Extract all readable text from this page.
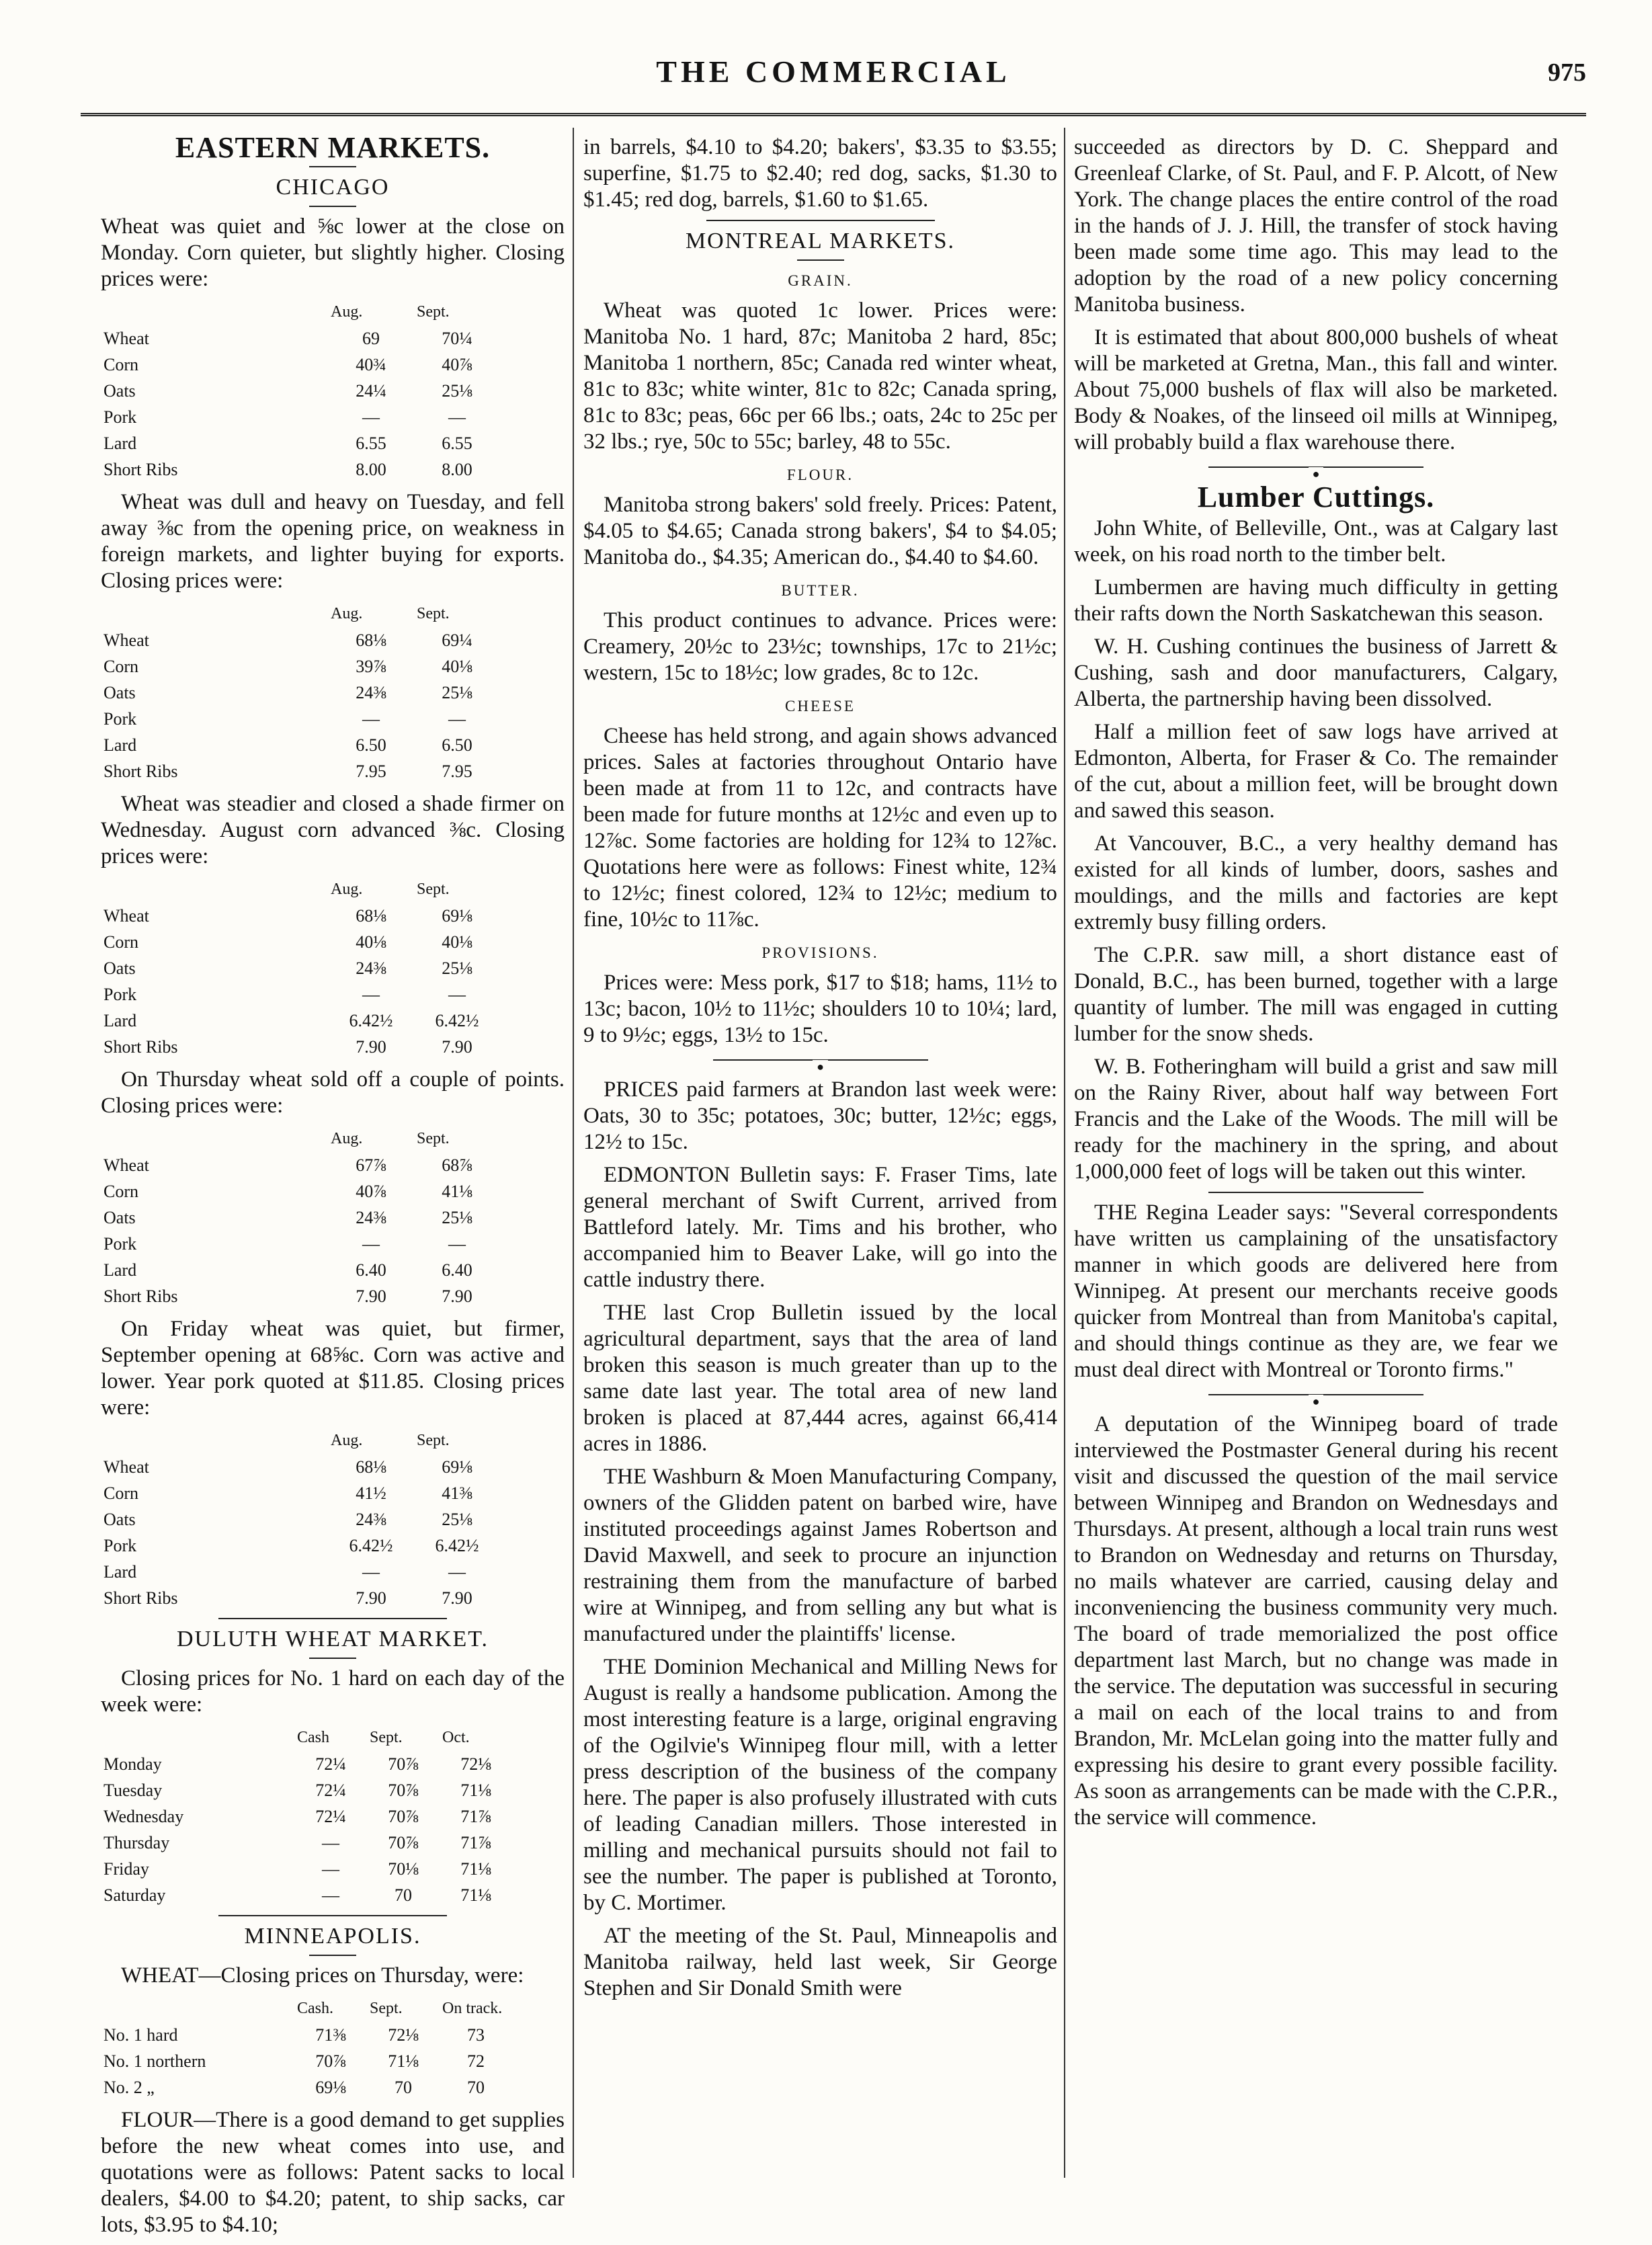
THE COMMERCIAL	975
EASTERN MARKETS.
CHICAGO

Wheat was quiet and ⅝c lower at the close on Monday. Corn quieter, but slightly higher. Closing prices were:

	Aug.	Sept.
Wheat	69	70¼
Corn	40¾	40⅞
Oats	24¼	25⅛
Pork	—	—
Lard	6.55	6.55
Short Ribs	8.00	8.00

Wheat was dull and heavy on Tuesday, and fell away ⅜c from the opening price, on weakness in foreign markets, and lighter buying for exports. Closing prices were:

	Aug.	Sept.
Wheat	68⅛	69¼
Corn	39⅞	40⅛
Oats	24⅜	25⅛
Pork	—	—
Lard	6.50	6.50
Short Ribs	7.95	7.95

Wheat was steadier and closed a shade firmer on Wednesday. August corn advanced ⅜c. Closing prices were:

	Aug.	Sept.
Wheat	68⅛	69⅛
Corn	40⅛	40⅛
Oats	24⅜	25⅛
Pork	—	—
Lard	6.42½	6.42½
Short Ribs	7.90	7.90

On Thursday wheat sold off a couple of points. Closing prices were:

	Aug.	Sept.
Wheat	67⅞	68⅞
Corn	40⅞	41⅛
Oats	24⅜	25⅛
Pork	—	—
Lard	6.40	6.40
Short Ribs	7.90	7.90

On Friday wheat was quiet, but firmer, September opening at 68⅝c. Corn was active and lower. Year pork quoted at $11.85. Closing prices were:

	Aug.	Sept.
Wheat	68⅛	69⅛
Corn	41½	41⅜
Oats	24⅜	25⅛
Pork	6.42½	6.42½
Lard	—	—
Short Ribs	7.90	7.90
DULUTH WHEAT MARKET.

Closing prices for No. 1 hard on each day of the week were:

	Cash	Sept.	Oct.
Monday	72¼	70⅞	72⅛
Tuesday	72¼	70⅞	71⅛
Wednesday	72¼	70⅞	71⅞
Thursday	—	70⅞	71⅞
Friday	—	70⅛	71⅛
Saturday	—	70	71⅛
MINNEAPOLIS.

WHEAT—Closing prices on Thursday, were:

	Cash.	Sept.	On track.
No. 1 hard	71⅜	72⅛	73
No. 1 northern	70⅞	71⅛	72
No. 2 „	69⅛	70	70

FLOUR—There is a good demand to get supplies before the new wheat comes into use, and quotations were as follows: Patent sacks to local dealers, $4.00 to $4.20; patent, to ship sacks, car lots, $3.95 to $4.10;

in barrels, $4.10 to $4.20; bakers', $3.35 to $3.55; superfine, $1.75 to $2.40; red dog, sacks, $1.30 to $1.45; red dog, barrels, $1.60 to $1.65.

MONTREAL MARKETS.
GRAIN.

Wheat was quoted 1c lower. Prices were: Manitoba No. 1 hard, 87c; Manitoba 2 hard, 85c; Manitoba 1 northern, 85c; Canada red winter wheat, 81c to 83c; white winter, 81c to 82c; Canada spring, 81c to 83c; peas, 66c per 66 lbs.; oats, 24c to 25c per 32 lbs.; rye, 50c to 55c; barley, 48 to 55c.

FLOUR.

Manitoba strong bakers' sold freely. Prices: Patent, $4.05 to $4.65; Canada strong bakers', $4 to $4.05; Manitoba do., $4.35; American do., $4.40 to $4.60.

BUTTER.

This product continues to advance. Prices were: Creamery, 20½c to 23½c; townships, 17c to 21½c; western, 15c to 18½c; low grades, 8c to 12c.

CHEESE

Cheese has held strong, and again shows advanced prices. Sales at factories throughout Ontario have been made at from 11 to 12c, and contracts have been made for future months at 12½c and even up to 12⅞c. Some factories are holding for 12¾ to 12⅞c. Quotations here were as follows: Finest white, 12¾ to 12½c; finest colored, 12¾ to 12½c; medium to fine, 10½c to 11⅞c.

PROVISIONS.

Prices were: Mess pork, $17 to $18; hams, 11½ to 13c; bacon, 10½ to 11½c; shoulders 10 to 10¼; lard, 9 to 9½c; eggs, 13½ to 15c.

●

PRICES paid farmers at Brandon last week were: Oats, 30 to 35c; potatoes, 30c; butter, 12½c; eggs, 12½ to 15c.

EDMONTON Bulletin says: F. Fraser Tims, late general merchant of Swift Current, arrived from Battleford lately. Mr. Tims and his brother, who accompanied him to Beaver Lake, will go into the cattle industry there.

THE last Crop Bulletin issued by the local agricultural department, says that the area of land broken this season is much greater than up to the same date last year. The total area of new land broken is placed at 87,444 acres, against 66,414 acres in 1886.

THE Washburn & Moen Manufacturing Company, owners of the Glidden patent on barbed wire, have instituted proceedings against James Robertson and David Maxwell, and seek to procure an injunction restraining them from the manufacture of barbed wire at Winnipeg, and from selling any but what is manufactured under the plaintiffs' license.

THE Dominion Mechanical and Milling News for August is really a handsome publication. Among the most interesting feature is a large, original engraving of the Ogilvie's Winnipeg flour mill, with a letter press description of the business of the company here. The paper is also profusely illustrated with cuts of leading Canadian millers. Those interested in milling and mechanical pursuits should not fail to see the number. The paper is published at Toronto, by C. Mortimer.

AT the meeting of the St. Paul, Minneapolis and Manitoba railway, held last week, Sir George Stephen and Sir Donald Smith were

succeeded as directors by D. C. Sheppard and Greenleaf Clarke, of St. Paul, and F. P. Alcott, of New York. The change places the entire control of the road in the hands of J. J. Hill, the transfer of stock having been made some time ago. This may lead to the adoption by the road of a new policy concerning Manitoba business.

It is estimated that about 800,000 bushels of wheat will be marketed at Gretna, Man., this fall and winter. About 75,000 bushels of flax will also be marketed. Body & Noakes, of the linseed oil mills at Winnipeg, will probably build a flax warehouse there.

●
Lumber Cuttings.

John White, of Belleville, Ont., was at Calgary last week, on his road north to the timber belt.

Lumbermen are having much difficulty in getting their rafts down the North Saskatchewan this season.

W. H. Cushing continues the business of Jarrett & Cushing, sash and door manufacturers, Calgary, Alberta, the partnership having been dissolved.

Half a million feet of saw logs have arrived at Edmonton, Alberta, for Fraser & Co. The remainder of the cut, about a million feet, will be brought down and sawed this season.

At Vancouver, B.C., a very healthy demand has existed for all kinds of lumber, doors, sashes and mouldings, and the mills and factories are kept extremly busy filling orders.

The C.P.R. saw mill, a short distance east of Donald, B.C., has been burned, together with a large quantity of lumber. The mill was engaged in cutting lumber for the snow sheds.

W. B. Fotheringham will build a grist and saw mill on the Rainy River, about half way between Fort Francis and the Lake of the Woods. The mill will be ready for the machinery in the spring, and about 1,000,000 feet of logs will be taken out this winter.

THE Regina Leader says: "Several correspondents have written us camplaining of the unsatisfactory manner in which goods are delivered here from Winnipeg. At present our merchants receive goods quicker from Montreal than from Manitoba's capital, and should things continue as they are, we fear we must deal direct with Montreal or Toronto firms."

●

A deputation of the Winnipeg board of trade interviewed the Postmaster General during his recent visit and discussed the question of the mail service between Winnipeg and Brandon on Wednesdays and Thursdays. At present, although a local train runs west to Brandon on Wednesday and returns on Thursday, no mails whatever are carried, causing delay and inconveniencing the business community very much. The board of trade memorialized the post office department last March, but no change was made in the service. The deputation was successful in securing a mail on each of the local trains to and from Brandon, Mr. McLelan going into the matter fully and expressing his desire to grant every possible facility. As soon as arrangements can be made with the C.P.R., the service will commence.
